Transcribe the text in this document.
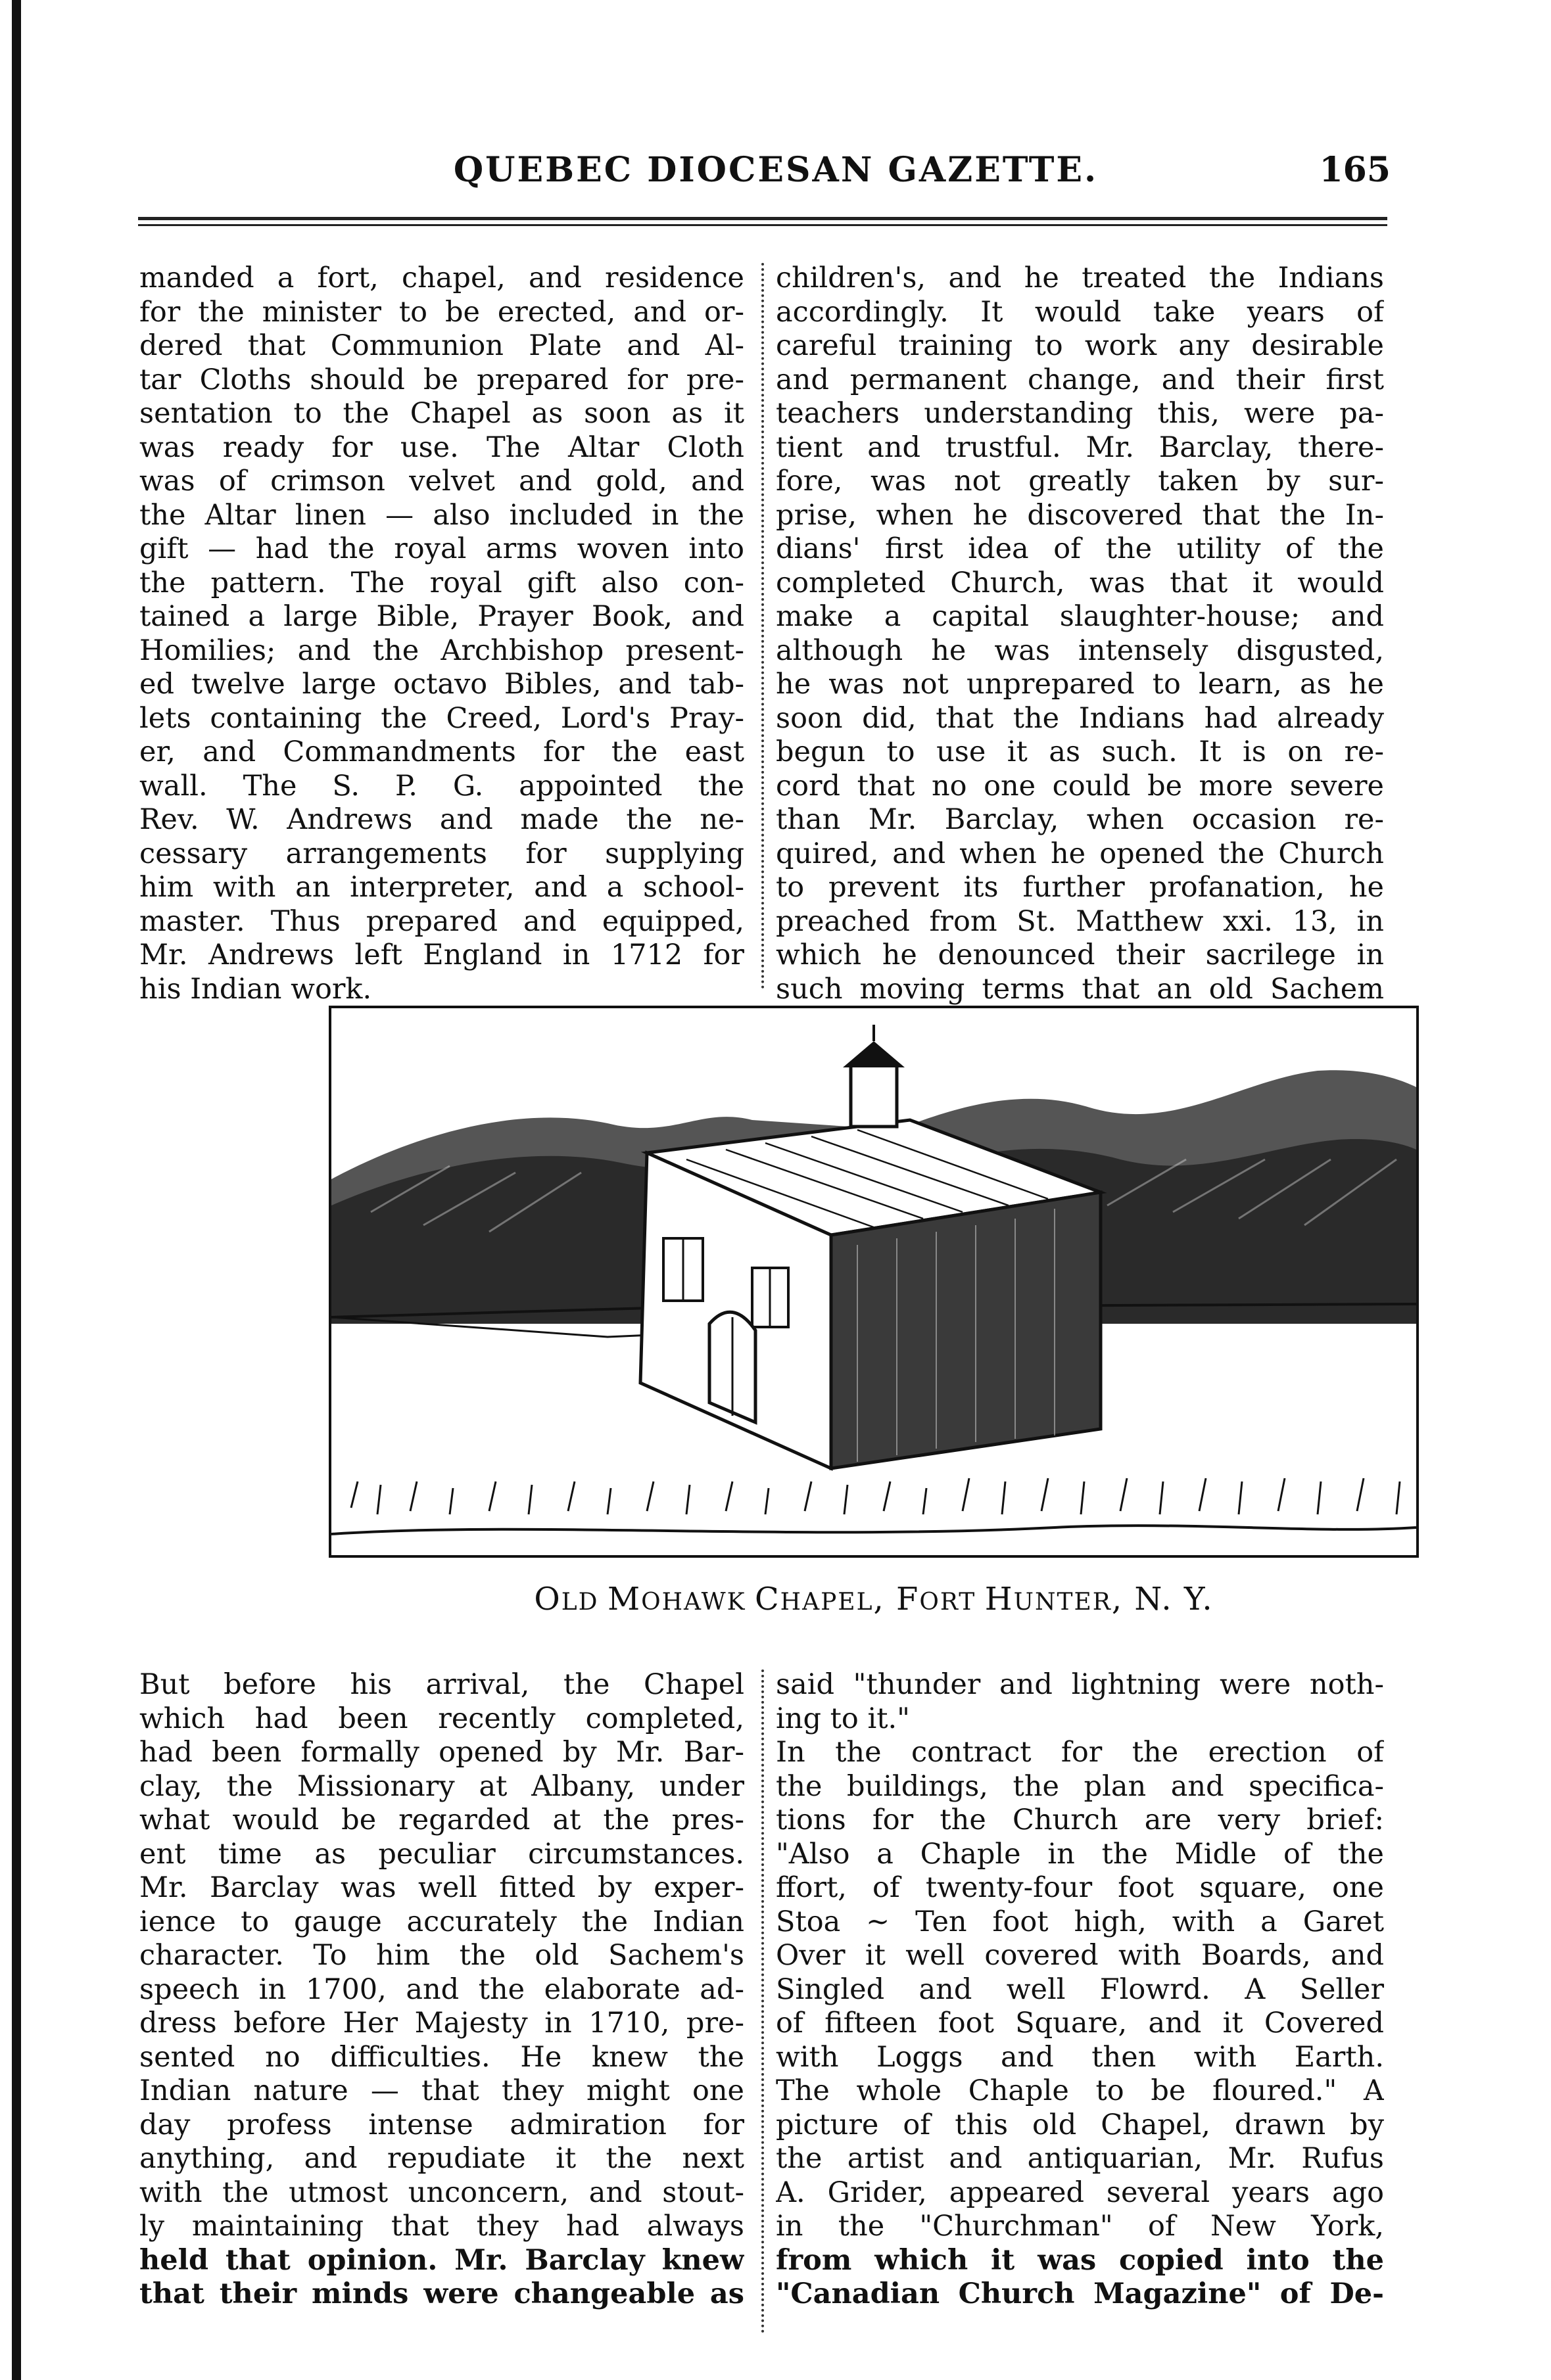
QUEBEC DIOCESAN GAZETTE.	165
manded a fort, chapel, and residence
for the minister to be erected, and or-
dered that Communion Plate and Al-
tar Cloths should be prepared for pre-
sentation to the Chapel as soon as it
was ready for use. The Altar Cloth
was of crimson velvet and gold, and
the Altar linen — also included in the
gift — had the royal arms woven into
the pattern. The royal gift also con-
tained a large Bible, Prayer Book, and
Homilies; and the Archbishop present-
ed twelve large octavo Bibles, and tab-
lets containing the Creed, Lord's Pray-
er, and Commandments for the east
wall. The S. P. G. appointed the
Rev. W. Andrews and made the ne-
cessary arrangements for supplying
him with an interpreter, and a school-
master. Thus prepared and equipped,
Mr. Andrews left England in 1712 for
his Indian work.
children's, and he treated the Indians
accordingly. It would take years of
careful training to work any desirable
and permanent change, and their first
teachers understanding this, were pa-
tient and trustful. Mr. Barclay, there-
fore, was not greatly taken by sur-
prise, when he discovered that the In-
dians' first idea of the utility of the
completed Church, was that it would
make a capital slaughter-house; and
although he was intensely disgusted,
he was not unprepared to learn, as he
soon did, that the Indians had already
begun to use it as such. It is on re-
cord that no one could be more severe
than Mr. Barclay, when occasion re-
quired, and when he opened the Church
to prevent its further profanation, he
preached from St. Matthew xxi. 13, in
which he denounced their sacrilege in
such moving terms that an old Sachem
OLD MOHAWK CHAPEL, FORT HUNTER, N. Y.
But before his arrival, the Chapel
which had been recently completed,
had been formally opened by Mr. Bar-
clay, the Missionary at Albany, under
what would be regarded at the pres-
ent time as peculiar circumstances.
Mr. Barclay was well fitted by exper-
ience to gauge accurately the Indian
character. To him the old Sachem's
speech in 1700, and the elaborate ad-
dress before Her Majesty in 1710, pre-
sented no difficulties. He knew the
Indian nature — that they might one
day profess intense admiration for
anything, and repudiate it the next
with the utmost unconcern, and stout-
ly maintaining that they had always
held that opinion. Mr. Barclay knew
that their minds were changeable as
said "thunder and lightning were noth-
ing to it."
In the contract for the erection of
the buildings, the plan and specifica-
tions for the Church are very brief:
"Also a Chaple in the Midle of the
ffort, of twenty-four foot square, one
Stoa ~ Ten foot high, with a Garet
Over it well covered with Boards, and
Singled and well Flowrd. A Seller
of fifteen foot Square, and it Covered
with Loggs and then with Earth.
The whole Chaple to be floured." A
picture of this old Chapel, drawn by
the artist and antiquarian, Mr. Rufus
A. Grider, appeared several years ago
in the "Churchman" of New York,
from which it was copied into the
"Canadian Church Magazine" of De-
